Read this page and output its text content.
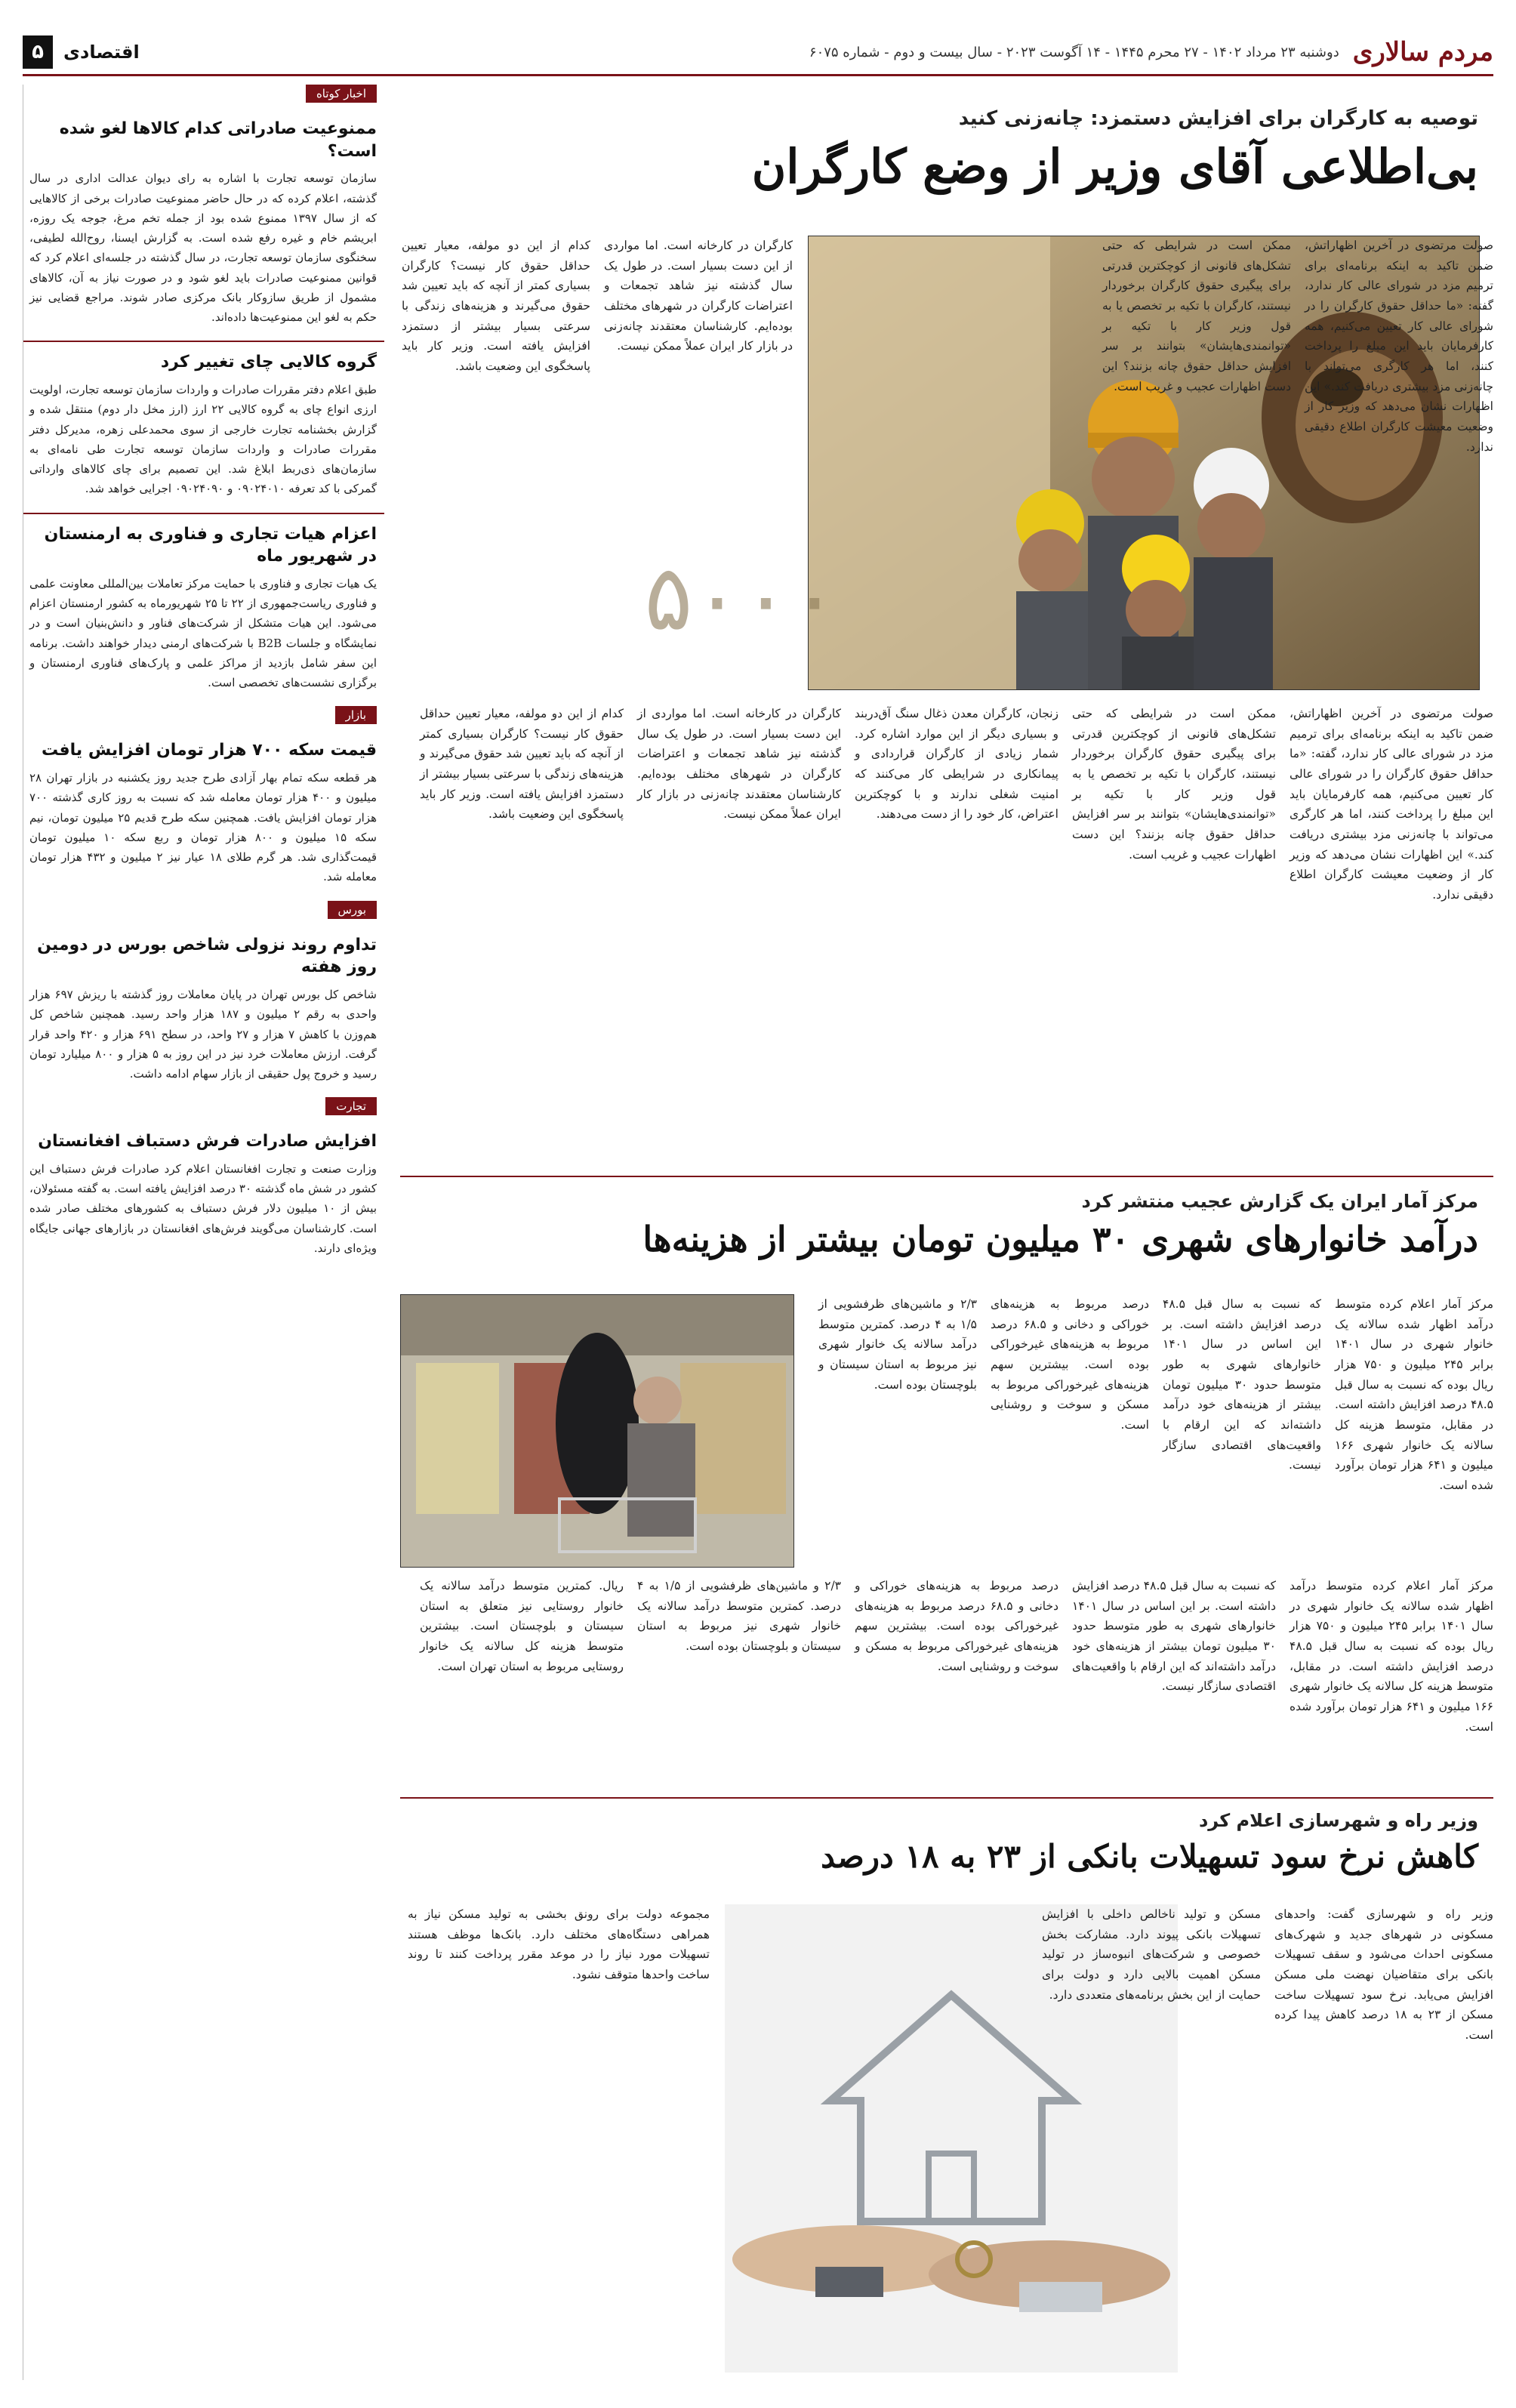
مردم سالاری
دوشنبه ۲۳ مرداد ۱۴۰۲ - ۲۷ محرم ۱۴۴۵ - ۱۴ آگوست ۲۰۲۳ - سال بیست و دوم - شماره ۶۰۷۵
اقتصادی
۵
اخبار کوتاه
ممنوعیت صادراتی کدام کالاها لغو شده است؟

سازمان توسعه تجارت با اشاره به رای دیوان عدالت اداری در سال گذشته، اعلام کرده که در حال حاضر ممنوعیت صادرات برخی از کالاهایی که از سال ۱۳۹۷ ممنوع شده بود از جمله تخم مرغ، جوجه یک روزه، ابریشم خام و غیره رفع شده است. به گزارش ایسنا، روح‌الله لطیفی، سخنگوی سازمان توسعه تجارت، در سال گذشته در جلسه‌ای اعلام کرد که قوانین ممنوعیت صادرات باید لغو شود و در صورت نیاز به آن، کالاهای مشمول از طریق سازوکار بانک مرکزی صادر شوند. مراجع قضایی نیز حکم به لغو این ممنوعیت‌ها داده‌اند.

گروه کالایی چای تغییر کرد

طبق اعلام دفتر مقررات صادرات و واردات سازمان توسعه تجارت، اولویت ارزی انواع چای به گروه کالایی ۲۲ ارز (ارز مخل دار دوم) منتقل شده و گزارش بخشنامه تجارت خارجی از سوی محمدعلی زهره، مدیرکل دفتر مقررات صادرات و واردات سازمان توسعه تجارت طی نامه‌ای به سازمان‌های ذی‌ربط ابلاغ شد. این تصمیم برای چای کالاهای وارداتی گمرکی با کد تعرفه ۰۹۰۲۴۰۱۰ و ۰۹۰۲۴۰۹۰ اجرایی خواهد شد.

اعزام هیات تجاری و فناوری به ارمنستان در شهریور ماه

یک هیات تجاری و فناوری با حمایت مرکز تعاملات بین‌المللی معاونت علمی و فناوری ریاست‌جمهوری از ۲۲ تا ۲۵ شهریورماه به کشور ارمنستان اعزام می‌شود. این هیات متشکل از شرکت‌های فناور و دانش‌بنیان است و در نمایشگاه و جلسات B2B با شرکت‌های ارمنی دیدار خواهند داشت. برنامه این سفر شامل بازدید از مراکز علمی و پارک‌های فناوری ارمنستان و برگزاری نشست‌های تخصصی است.

بازار
قیمت سکه ۷۰۰ هزار تومان افزایش یافت

هر قطعه سکه تمام بهار آزادی طرح جدید روز یکشنبه در بازار تهران ۲۸ میلیون و ۴۰۰ هزار تومان معامله شد که نسبت به روز کاری گذشته ۷۰۰ هزار تومان افزایش یافت. همچنین سکه طرح قدیم ۲۵ میلیون تومان، نیم سکه ۱۵ میلیون و ۸۰۰ هزار تومان و ربع سکه ۱۰ میلیون تومان قیمت‌گذاری شد. هر گرم طلای ۱۸ عیار نیز ۲ میلیون و ۴۳۲ هزار تومان معامله شد.

بورس
تداوم روند نزولی شاخص بورس در دومین روز هفته

شاخص کل بورس تهران در پایان معاملات روز گذشته با ریزش ۶۹۷ هزار واحدی به رقم ۲ میلیون و ۱۸۷ هزار واحد رسید. همچنین شاخص کل هم‌وزن با کاهش ۷ هزار و ۲۷ واحد، در سطح ۶۹۱ هزار و ۴۲۰ واحد قرار گرفت. ارزش معاملات خرد نیز در این روز به ۵ هزار و ۸۰۰ میلیارد تومان رسید و خروج پول حقیقی از بازار سهام ادامه داشت.

تجارت
افزایش صادرات فرش دستباف افغانستان

وزارت صنعت و تجارت افغانستان اعلام کرد صادرات فرش دستباف این کشور در شش ماه گذشته ۳۰ درصد افزایش یافته است. به گفته مسئولان، بیش از ۱۰ میلیون دلار فرش دستباف به کشورهای مختلف صادر شده است. کارشناسان می‌گویند فرش‌های افغانستان در بازارهای جهانی جایگاه ویژه‌ای دارند.

توصیه به کارگران برای افزایش دستمزد: چانه‌زنی کنید
بی‌اطلاعی آقای وزیر از وضع کارگران
۵۰۰۰

صولت مرتضوی در آخرین اظهاراتش، ضمن تاکید به اینکه برنامه‌ای برای ترمیم مزد در شورای عالی کار ندارد، گفته: «ما حداقل حقوق کارگران را در شورای عالی کار تعیین می‌کنیم، همه کارفرمایان باید این مبلغ را پرداخت کنند، اما هر کارگری می‌تواند با چانه‌زنی مزد بیشتری دریافت کند.» این اظهارات نشان می‌دهد که وزیر کار از وضعیت معیشت کارگران اطلاع دقیقی ندارد.

ممکن است در شرایطی که حتی تشکل‌های قانونی از کوچکترین قدرتی برای پیگیری حقوق کارگران برخوردار نیستند، کارگران با تکیه بر تخصص یا به قول وزیر کار با تکیه بر «توانمندی‌هایشان» بتوانند بر سر افزایش حداقل حقوق چانه بزنند؟ این دست اظهارات عجیب و غریب است.

صولت مرتضوی در آخرین اظهاراتش، ضمن تاکید به اینکه برنامه‌ای برای ترمیم مزد در شورای عالی کار ندارد، گفته: «ما حداقل حقوق کارگران را در شورای عالی کار تعیین می‌کنیم، همه کارفرمایان باید این مبلغ را پرداخت کنند، اما هر کارگری می‌تواند با چانه‌زنی مزد بیشتری دریافت کند.» این اظهارات نشان می‌دهد که وزیر کار از وضعیت معیشت کارگران اطلاع دقیقی ندارد.

ممکن است در شرایطی که حتی تشکل‌های قانونی از کوچکترین قدرتی برای پیگیری حقوق کارگران برخوردار نیستند، کارگران با تکیه بر تخصص یا به قول وزیر کار با تکیه بر «توانمندی‌هایشان» بتوانند بر سر افزایش حداقل حقوق چانه بزنند؟ این دست اظهارات عجیب و غریب است.

زنجان، کارگران معدن ذغال سنگ آق‌دربند و بسیاری دیگر از این موارد اشاره کرد. شمار زیادی از کارگران قراردادی و پیمانکاری در شرایطی کار می‌کنند که امنیت شغلی ندارند و با کوچکترین اعتراض، کار خود را از دست می‌دهند.

کارگران در کارخانه است. اما مواردی از این دست بسیار است. در طول یک سال گذشته نیز شاهد تجمعات و اعتراضات کارگران در شهرهای مختلف بوده‌ایم. کارشناسان معتقدند چانه‌زنی در بازار کار ایران عملاً ممکن نیست.

کدام از این دو مولفه، معیار تعیین حداقل حقوق کار نیست؟ کارگران بسیاری کمتر از آنچه که باید تعیین شد حقوق می‌گیرند و هزینه‌های زندگی با سرعتی بسیار بیشتر از دستمزد افزایش یافته است. وزیر کار باید پاسخگوی این وضعیت باشد.

کارگران در کارخانه است. اما مواردی از این دست بسیار است. در طول یک سال گذشته نیز شاهد تجمعات و اعتراضات کارگران در شهرهای مختلف بوده‌ایم. کارشناسان معتقدند چانه‌زنی در بازار کار ایران عملاً ممکن نیست.

کدام از این دو مولفه، معیار تعیین حداقل حقوق کار نیست؟ کارگران بسیاری کمتر از آنچه که باید تعیین شد حقوق می‌گیرند و هزینه‌های زندگی با سرعتی بسیار بیشتر از دستمزد افزایش یافته است. وزیر کار باید پاسخگوی این وضعیت باشد.

مرکز آمار ایران یک گزارش عجیب منتشر کرد
درآمد خانوارهای شهری ۳۰ میلیون تومان بیشتر از هزینه‌ها

مرکز آمار اعلام کرده متوسط درآمد اظهار شده سالانه یک خانوار شهری در سال ۱۴۰۱ برابر ۲۴۵ میلیون و ۷۵۰ هزار ریال بوده که نسبت به سال قبل ۴۸.۵ درصد افزایش داشته است. در مقابل، متوسط هزینه کل سالانه یک خانوار شهری ۱۶۶ میلیون و ۶۴۱ هزار تومان برآورد شده است.

که نسبت به سال قبل ۴۸.۵ درصد افزایش داشته است. بر این اساس در سال ۱۴۰۱ خانوارهای شهری به طور متوسط حدود ۳۰ میلیون تومان بیشتر از هزینه‌های خود درآمد داشته‌اند که این ارقام با واقعیت‌های اقتصادی سازگار نیست.

درصد مربوط به هزینه‌های خوراکی و دخانی و ۶۸.۵ درصد مربوط به هزینه‌های غیرخوراکی بوده است. بیشترین سهم هزینه‌های غیرخوراکی مربوط به مسکن و سوخت و روشنایی است.

۲/۳ و ماشین‌های ظرفشویی از ۱/۵ به ۴ درصد. کمترین متوسط درآمد سالانه یک خانوار شهری نیز مربوط به استان سیستان و بلوچستان بوده است.

مرکز آمار اعلام کرده متوسط درآمد اظهار شده سالانه یک خانوار شهری در سال ۱۴۰۱ برابر ۲۴۵ میلیون و ۷۵۰ هزار ریال بوده که نسبت به سال قبل ۴۸.۵ درصد افزایش داشته است. در مقابل، متوسط هزینه کل سالانه یک خانوار شهری ۱۶۶ میلیون و ۶۴۱ هزار تومان برآورد شده است.

که نسبت به سال قبل ۴۸.۵ درصد افزایش داشته است. بر این اساس در سال ۱۴۰۱ خانوارهای شهری به طور متوسط حدود ۳۰ میلیون تومان بیشتر از هزینه‌های خود درآمد داشته‌اند که این ارقام با واقعیت‌های اقتصادی سازگار نیست.

درصد مربوط به هزینه‌های خوراکی و دخانی و ۶۸.۵ درصد مربوط به هزینه‌های غیرخوراکی بوده است. بیشترین سهم هزینه‌های غیرخوراکی مربوط به مسکن و سوخت و روشنایی است.

۲/۳ و ماشین‌های ظرفشویی از ۱/۵ به ۴ درصد. کمترین متوسط درآمد سالانه یک خانوار شهری نیز مربوط به استان سیستان و بلوچستان بوده است.

ریال. کمترین متوسط درآمد سالانه یک خانوار روستایی نیز متعلق به استان سیستان و بلوچستان است. بیشترین متوسط هزینه کل سالانه یک خانوار روستایی مربوط به استان تهران است.

وزیر راه و شهرسازی اعلام کرد
کاهش نرخ سود تسهیلات بانکی از ۲۳ به ۱۸ درصد

وزیر راه و شهرسازی گفت: واحدهای مسکونی در شهرهای جدید و شهرک‌های مسکونی احداث می‌شود و سقف تسهیلات بانکی برای متقاضیان نهضت ملی مسکن افزایش می‌یابد. نرخ سود تسهیلات ساخت مسکن از ۲۳ به ۱۸ درصد کاهش پیدا کرده است.

مسکن و تولید ناخالص داخلی با افزایش تسهیلات بانکی پیوند دارد. مشارکت بخش خصوصی و شرکت‌های انبوه‌ساز در تولید مسکن اهمیت بالایی دارد و دولت برای حمایت از این بخش برنامه‌های متعددی دارد.

مجموعه دولت برای رونق بخشی به تولید مسکن نیاز به همراهی دستگاه‌های مختلف دارد. بانک‌ها موظف هستند تسهیلات مورد نیاز را در موعد مقرر پرداخت کنند تا روند ساخت واحدها متوقف نشود.
